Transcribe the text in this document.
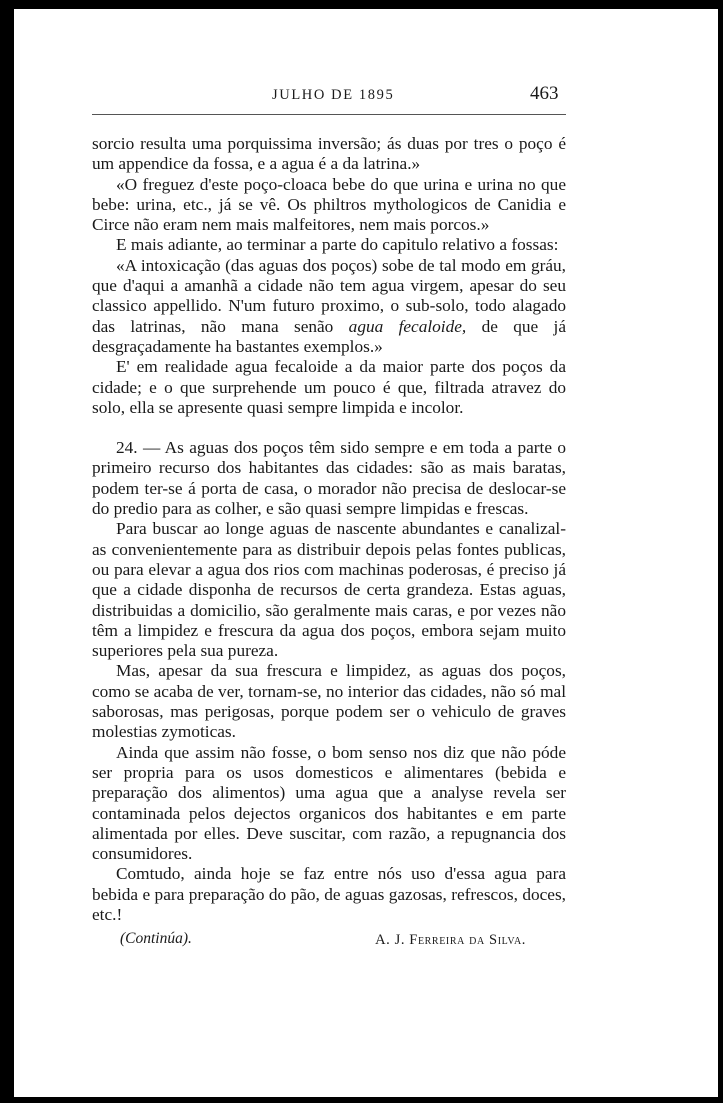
JULHO DE 1895	463

sorcio resulta uma porquissima inversão; ás duas por tres o poço é um appendice da fossa, e a agua é a da latrina.»

«O freguez d'este poço-cloaca bebe do que urina e urina no que bebe: urina, etc., já se vê. Os philtros mythologicos de Canidia e Circe não eram nem mais malfeitores, nem mais porcos.»

E mais adiante, ao terminar a parte do capitulo relativo a fossas:

«A intoxicação (das aguas dos poços) sobe de tal modo em gráu, que d'aqui a amanhã a cidade não tem agua virgem, apesar do seu classico appellido. N'um futuro proximo, o sub-solo, todo alagado das latrinas, não mana senão agua fecaloide, de que já desgraçadamente ha bastantes exemplos.»

E' em realidade agua fecaloide a da maior parte dos poços da cidade; e o que surprehende um pouco é que, filtrada atravez do solo, ella se apresente quasi sempre limpida e incolor.

24. — As aguas dos poços têm sido sempre e em toda a parte o primeiro recurso dos habitantes das cidades: são as mais baratas, podem ter-se á porta de casa, o morador não precisa de deslocar-se do predio para as colher, e são quasi sempre limpidas e frescas.

Para buscar ao longe aguas de nascente abundantes e canalizal-as convenientemente para as distribuir depois pelas fontes publicas, ou para elevar a agua dos rios com machinas poderosas, é preciso já que a cidade disponha de recursos de certa grandeza. Estas aguas, distribuidas a domicilio, são geralmente mais caras, e por vezes não têm a limpidez e frescura da agua dos poços, embora sejam muito superiores pela sua pureza.

Mas, apesar da sua frescura e limpidez, as aguas dos poços, como se acaba de ver, tornam-se, no interior das cidades, não só mal saborosas, mas perigosas, porque podem ser o vehiculo de graves molestias zymoticas.

Ainda que assim não fosse, o bom senso nos diz que não póde ser propria para os usos domesticos e alimentares (bebida e preparação dos alimentos) uma agua que a analyse revela ser contaminada pelos dejectos organicos dos habitantes e em parte alimentada por elles. Deve suscitar, com razão, a repugnancia dos consumidores.

Comtudo, ainda hoje se faz entre nós uso d'essa agua para bebida e para preparação do pão, de aguas gazosas, refrescos, doces, etc.!

(Continúa).	A. J. Ferreira da Silva.
